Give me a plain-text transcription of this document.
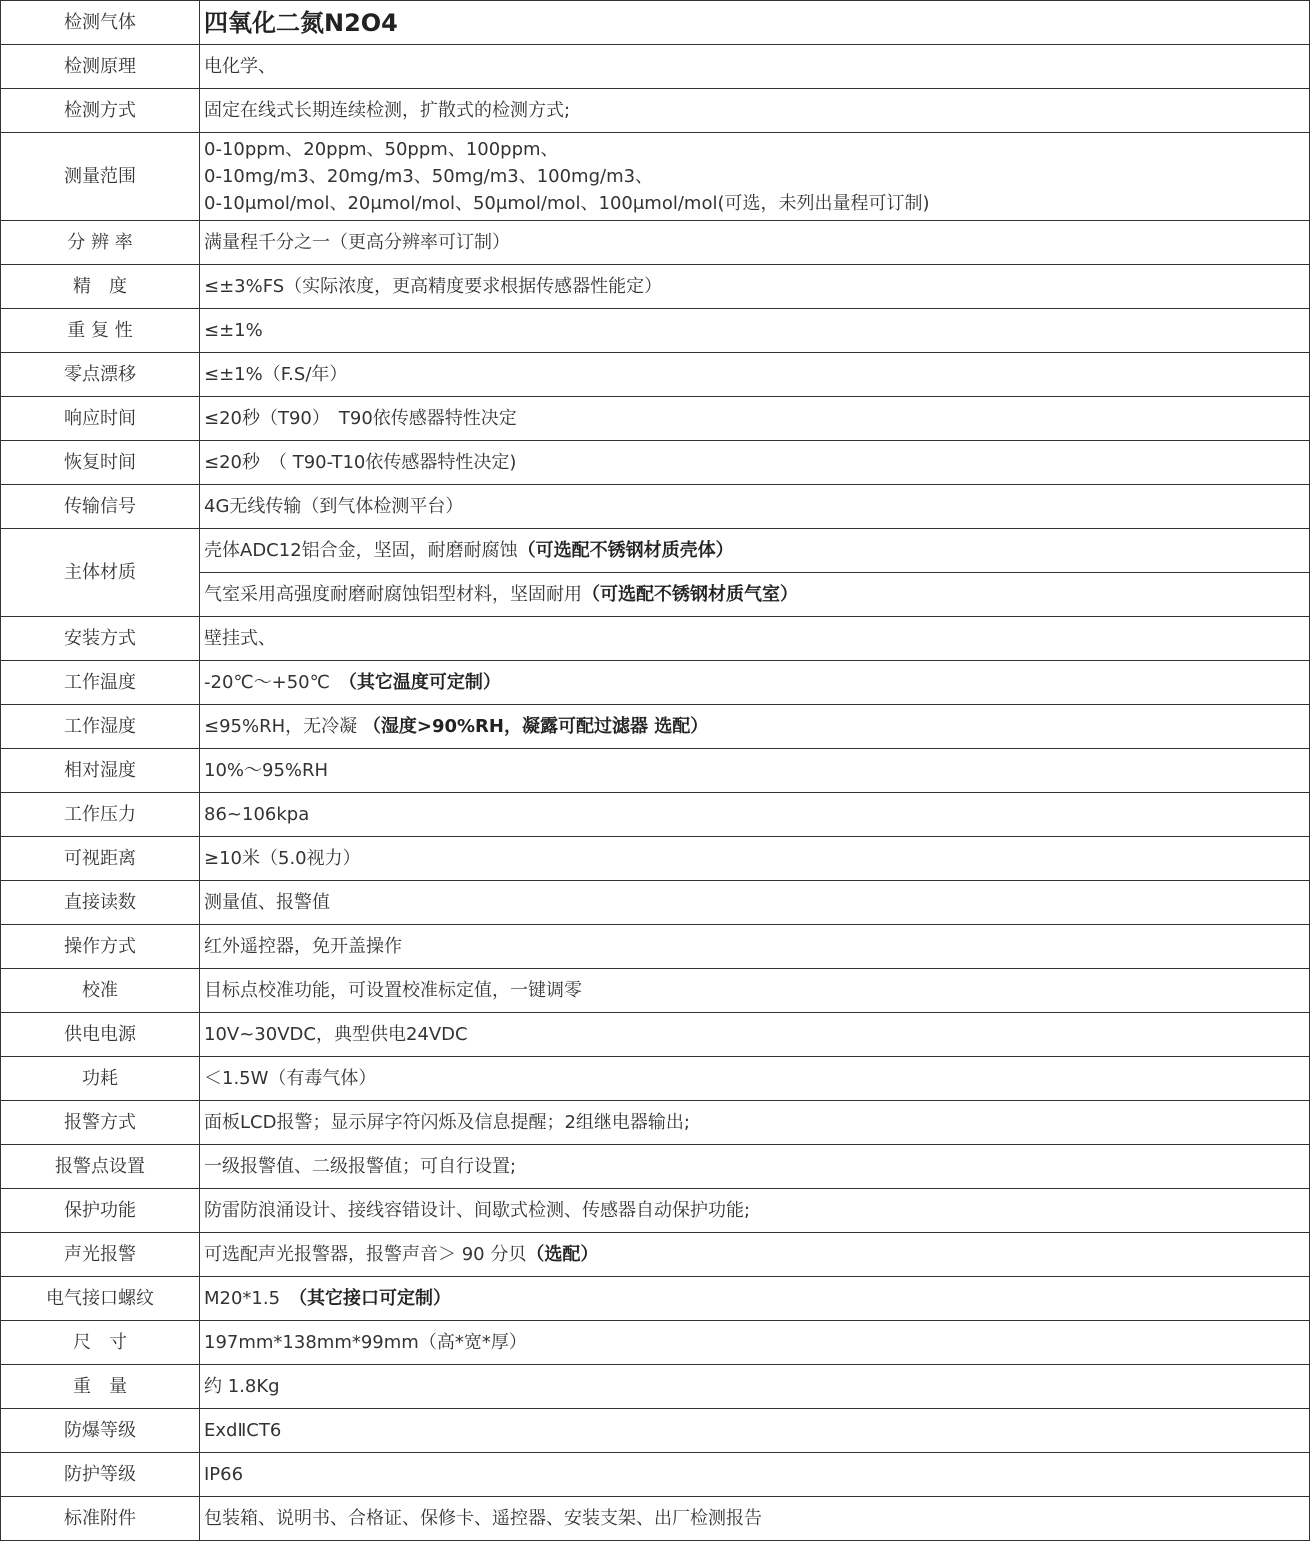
检测气体	四氧化二氮N2O4
检测原理	电化学、
检测方式	固定在线式长期连续检测，扩散式的检测方式;
测量范围	0-10ppm、20ppm、50ppm、100ppm、
0-10mg/m3、20mg/m3、50mg/m3、100mg/m3、
0-10μmol/mol、20μmol/mol、50μmol/mol、100μmol/mol(可选，未列出量程可订制)

分 辨 率	满量程千分之一（更高分辨率可订制）
精　度	≤±3%FS（实际浓度，更高精度要求根据传感器性能定）
重 复 性	≤±1%
零点漂移	≤±1%（F.S/年）
响应时间	≤20秒（T90）　T90依传感器特性决定
恢复时间	≤20秒　（ T90-T10依传感器特性决定)
传输信号	4G无线传输（到气体检测平台）
主体材质	壳体ADC12铝合金，坚固，耐磨耐腐蚀（可选配不锈钢材质壳体）
	气室采用高强度耐磨耐腐蚀铝型材料，坚固耐用（可选配不锈钢材质气室）
安装方式	壁挂式、
工作温度	-20℃～+50℃　（其它温度可定制）
工作湿度	≤95%RH，无冷凝 （湿度>90%RH，凝露可配过滤器 选配）
相对湿度	10%～95%RH
工作压力	86~106kpa
可视距离	≥10米（5.0视力）
直接读数	测量值、报警值
操作方式	红外遥控器，免开盖操作
校准	目标点校准功能，可设置校准标定值，一键调零
供电电源	10V~30VDC，典型供电24VDC
功耗	＜1.5W（有毒气体）
报警方式	面板LCD报警；显示屏字符闪烁及信息提醒；2组继电器输出;
报警点设置	一级报警值、二级报警值；可自行设置;
保护功能	防雷防浪涌设计、接线容错设计、间歇式检测、传感器自动保护功能;
声光报警	可选配声光报警器，报警声音＞ 90 分贝（选配）
电气接口螺纹	M20*1.5　（其它接口可定制）
尺　寸	197mm*138mm*99mm（高*宽*厚）
重　量	约 1.8Kg
防爆等级	ExdⅡCT6
防护等级	IP66
标准附件	包装箱、说明书、合格证、保修卡、遥控器、安装支架、出厂检测报告
